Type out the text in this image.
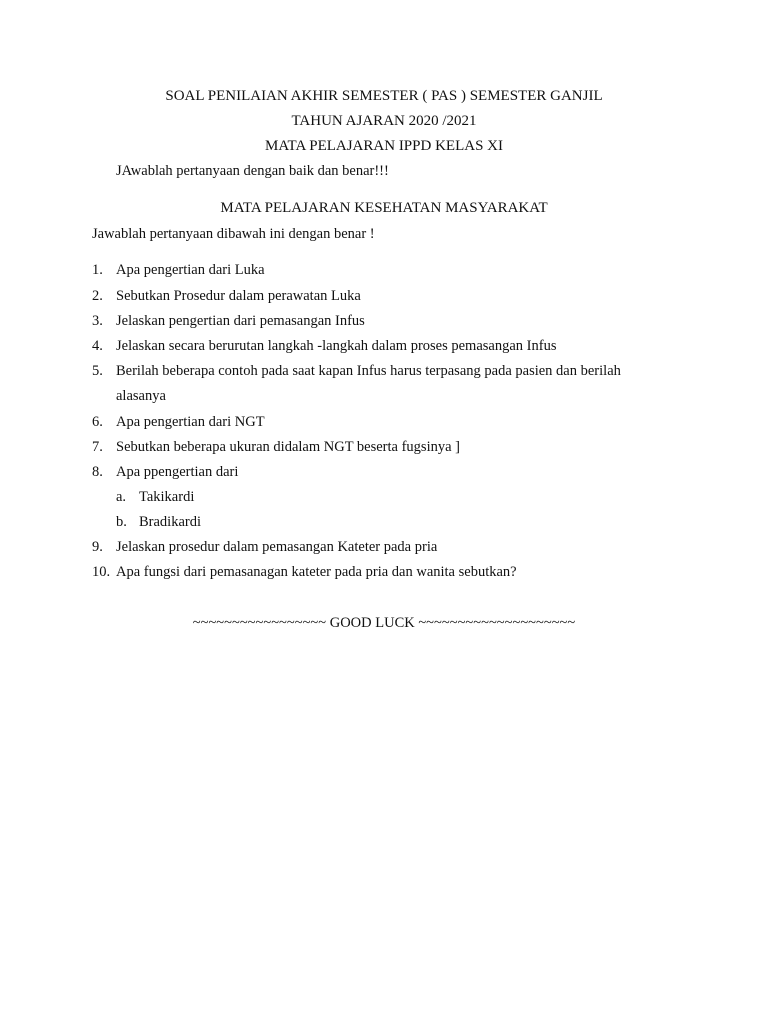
SOAL PENILAIAN AKHIR SEMESTER ( PAS ) SEMESTER GANJIL
TAHUN AJARAN 2020 /2021
MATA PELAJARAN IPPD KELAS XI
JAwablah pertanyaan dengan baik dan benar!!!
MATA PELAJARAN KESEHATAN MASYARAKAT
Jawablah pertanyaan dibawah ini dengan benar !
1. Apa pengertian dari Luka
2. Sebutkan Prosedur dalam perawatan Luka
3. Jelaskan pengertian dari pemasangan Infus
4. Jelaskan secara berurutan langkah -langkah dalam proses pemasangan Infus
5. Berilah beberapa contoh pada saat kapan Infus harus terpasang pada pasien dan berilah
alasanya
6. Apa pengertian dari NGT
7. Sebutkan beberapa ukuran didalam NGT beserta fugsinya ]
8. Apa ppengertian dari
a. Takikardi
b. Bradikardi
9. Jelaskan prosedur dalam pemasangan Kateter pada pria
10. Apa fungsi dari pemasanagan kateter pada pria dan wanita sebutkan?
~~~~~~~~~~~~~~~~~ GOOD LUCK ~~~~~~~~~~~~~~~~~~~~
